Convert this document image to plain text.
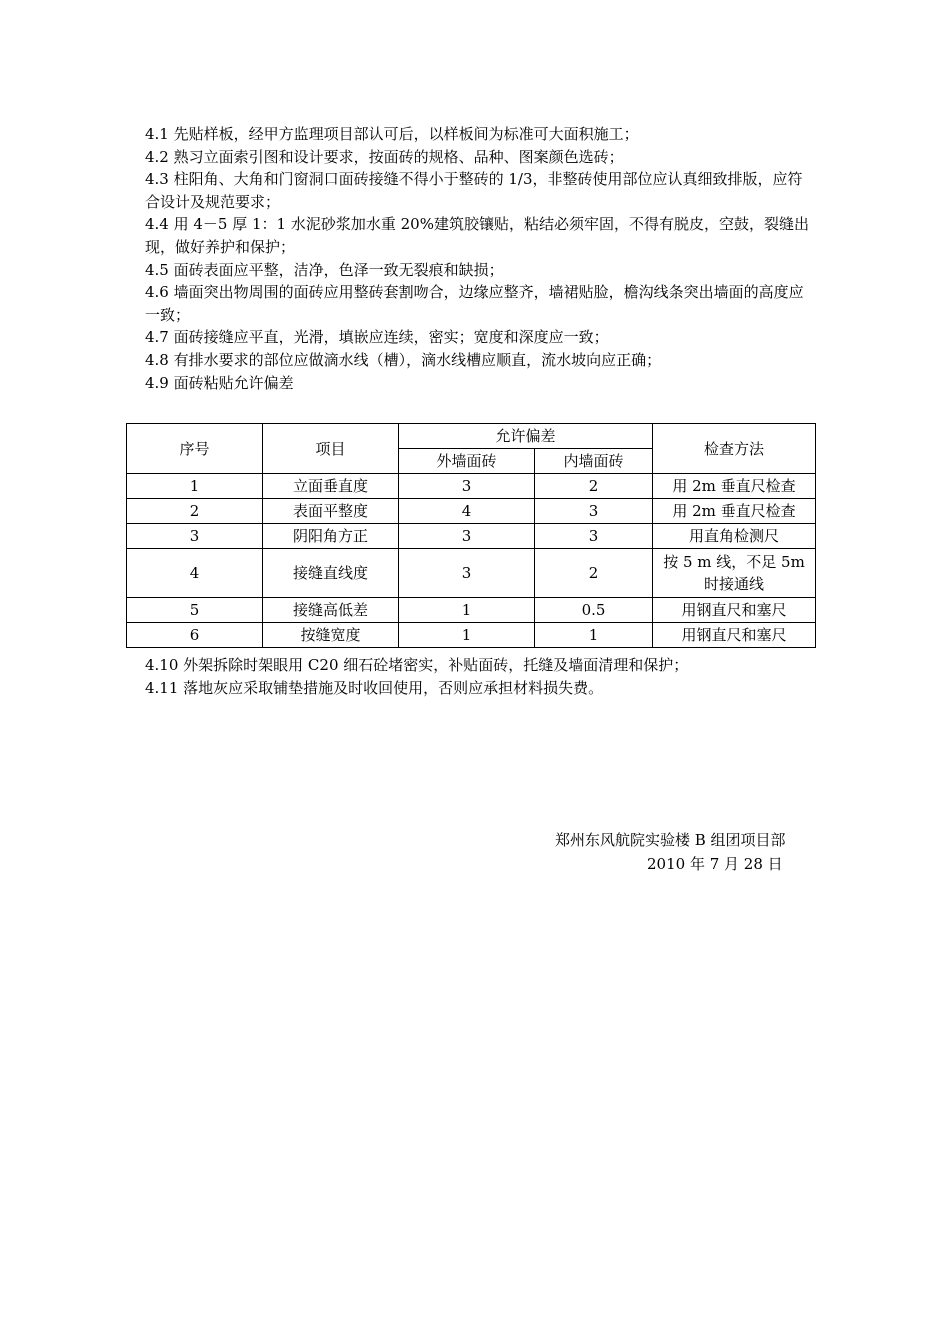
4.1 先贴样板，经甲方监理项目部认可后，以样板间为标准可大面积施工；

4.2 熟习立面索引图和设计要求，按面砖的规格、品种、图案颜色选砖；

4.3 柱阳角、大角和门窗洞口面砖接缝不得小于整砖的 1/3，非整砖使用部位应认真细致排版，应符合设计及规范要求；

4.4 用 4－5 厚 1：1 水泥砂浆加水重 20%建筑胶镶贴，粘结必须牢固，不得有脱皮，空鼓，裂缝出现，做好养护和保护；

4.5 面砖表面应平整，洁净，色泽一致无裂痕和缺损；

4.6 墙面突出物周围的面砖应用整砖套割吻合，边缘应整齐，墙裙贴脸，檐沟线条突出墙面的高度应一致；

4.7 面砖接缝应平直，光滑，填嵌应连续，密实；宽度和深度应一致；

4.8 有排水要求的部位应做滴水线（槽），滴水线槽应顺直，流水坡向应正确；

4.9 面砖粘贴允许偏差

序号	项目	允许偏差		检查方法
		外墙面砖	内墙面砖	
1	立面垂直度	3	2	用 2m 垂直尺检查
2	表面平整度	4	3	用 2m 垂直尺检查
3	阴阳角方正	3	3	用直角检测尺
4	接缝直线度	3	2	按 5 m 线，不足 5m 时接通线
5	接缝高低差	1	0.5	用钢直尺和塞尺
6	按缝宽度	1	1	用钢直尺和塞尺

4.10 外架拆除时架眼用 C20 细石砼堵密实，补贴面砖，托缝及墙面清理和保护；

4.11 落地灰应采取铺垫措施及时收回使用，否则应承担材料损失费。

郑州东风航院实验楼 B 组团项目部
2010 年 7 月 28 日
